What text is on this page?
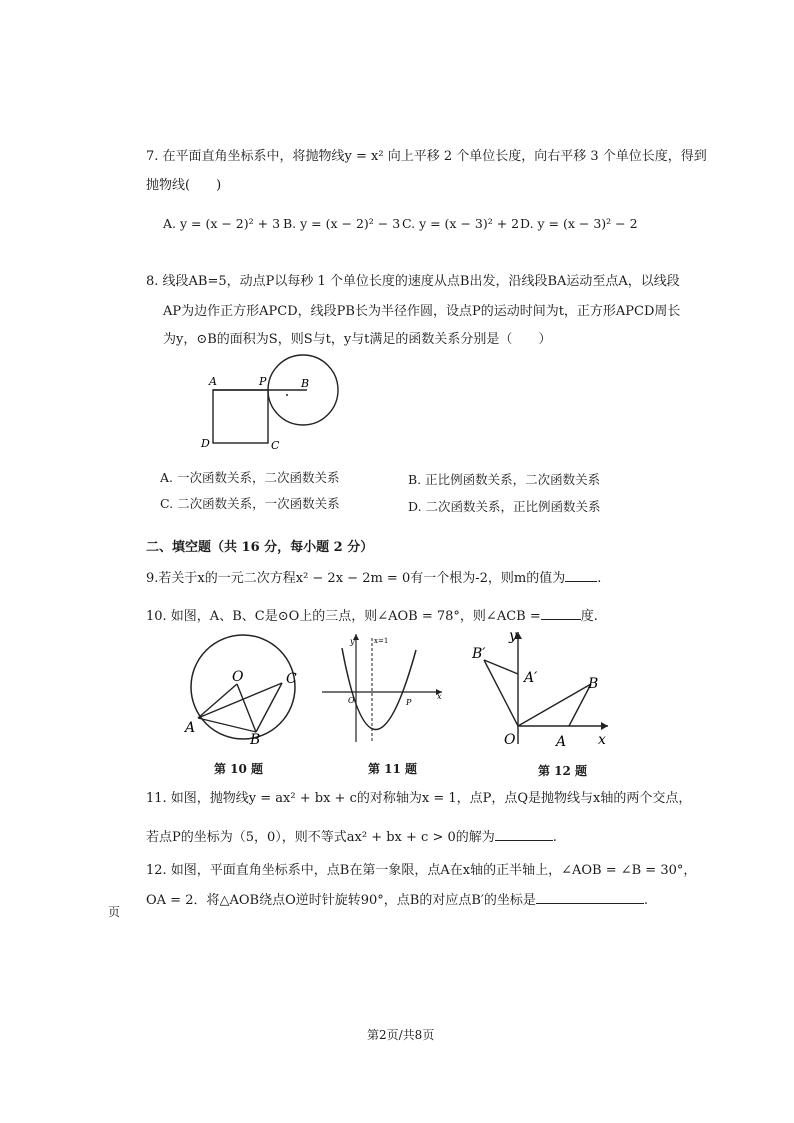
7. 在平面直角坐标系中，将抛物线y = x² 向上平移 2 个单位长度，向右平移 3 个单位长度，得到
抛物线(　　)
A. y = (x − 2)² + 3 B. y = (x − 2)² − 3 C. y = (x − 3)² + 2 D. y = (x − 3)² − 2
8. 线段AB=5，动点P以每秒 1 个单位长度的速度从点B出发，沿线段BA运动至点A，以线段
AP为边作正方形APCD，线段PB长为半径作圆，设点P的运动时间为t，正方形APCD周长
为y，⊙B的面积为S，则S与t，y与t满足的函数关系分别是（　　）
A	P	B
D	C
A. 一次函数关系，二次函数关系	B. 正比例函数关系，二次函数关系
C. 二次函数关系，一次函数关系	D. 二次函数关系，正比例函数关系
二、填空题（共 16 分，每小题 2 分）
9.若关于x的一元二次方程x² − 2x − 2m = 0有一个根为-2，则m的值为 .
10. 如图，A、B、C是⊙O上的三点，则∠AOB = 78°，则∠ACB =	度.
O
A
B
C
第 10 题
y	x=1
O	P
x
第 11 题
y
B′
A′	B
O	A x
第 12 题
11. 如图，抛物线y = ax² + bx + c的对称轴为x = 1，点P，点Q是抛物线与x轴的两个交点，
若点P的坐标为（5，0），则不等式ax² + bx + c > 0的解为	.
12. 如图，平面直角坐标系中，点B在第一象限，点A在x轴的正半轴上，∠AOB = ∠B = 30°，
OA = 2．将△AOB绕点O逆时针旋转90°，点B的对应点B′的坐标是	.
页
第2页/共8页
